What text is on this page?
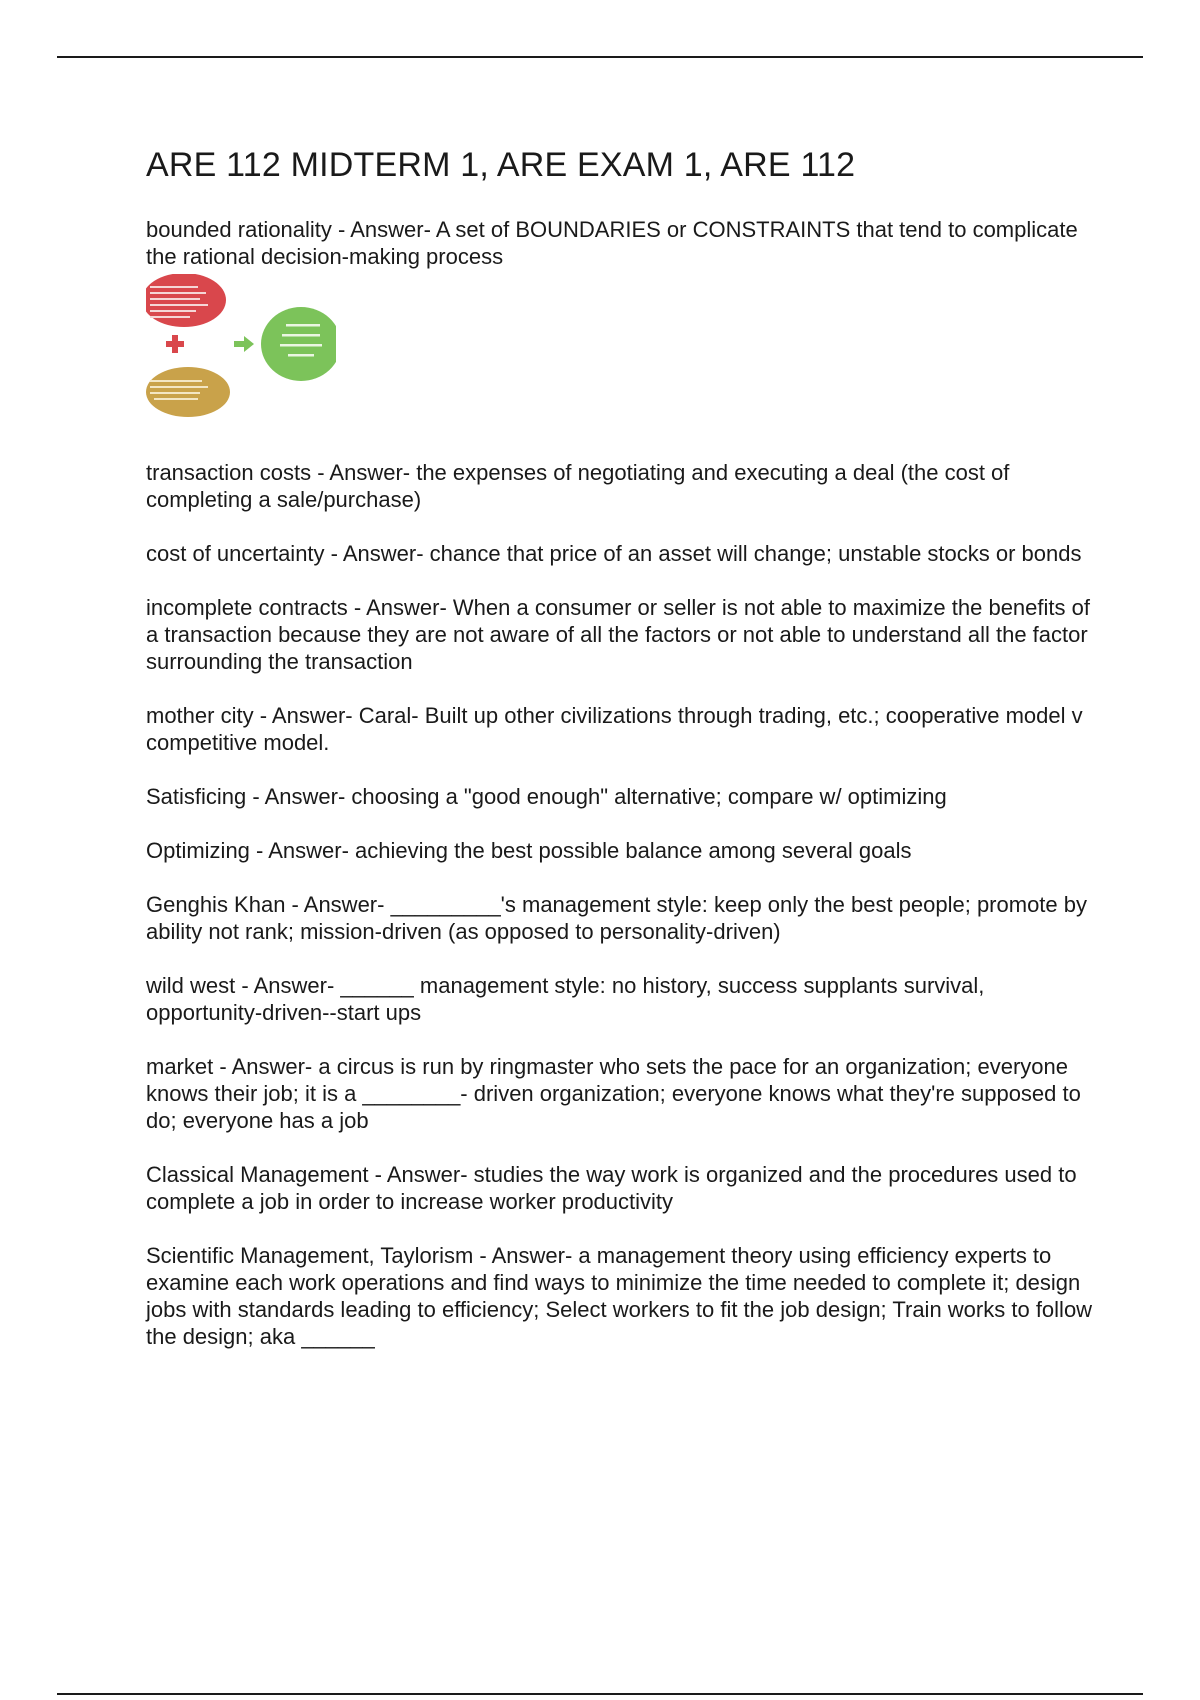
ARE 112 MIDTERM 1, ARE EXAM 1, ARE 112

bounded rationality - Answer- A set of BOUNDARIES or CONSTRAINTS that tend to complicate the rational decision-making process

transaction costs - Answer- the expenses of negotiating and executing a deal (the cost of completing a sale/purchase)

cost of uncertainty - Answer- chance that price of an asset will change; unstable stocks or bonds

incomplete contracts - Answer- When a consumer or seller is not able to maximize the benefits of a transaction because they are not aware of all the factors or not able to understand all the factor surrounding the transaction

mother city - Answer- Caral- Built up other civilizations through trading, etc.; cooperative model v competitive model.

Satisficing - Answer- choosing a "good enough" alternative; compare w/ optimizing

Optimizing - Answer- achieving the best possible balance among several goals

Genghis Khan - Answer- _________'s management style: keep only the best people; promote by ability not rank; mission-driven (as opposed to personality-driven)

wild west - Answer- ______ management style: no history, success supplants survival, opportunity-driven--start ups

market - Answer- a circus is run by ringmaster who sets the pace for an organization; everyone knows their job; it is a ________- driven organization; everyone knows what they're supposed to do; everyone has a job

Classical Management - Answer- studies the way work is organized and the procedures used to complete a job in order to increase worker productivity

Scientific Management, Taylorism - Answer- a management theory using efficiency experts to examine each work operations and find ways to minimize the time needed to complete it; design jobs with standards leading to efficiency; Select workers to fit the job design; Train works to follow the design; aka ______
